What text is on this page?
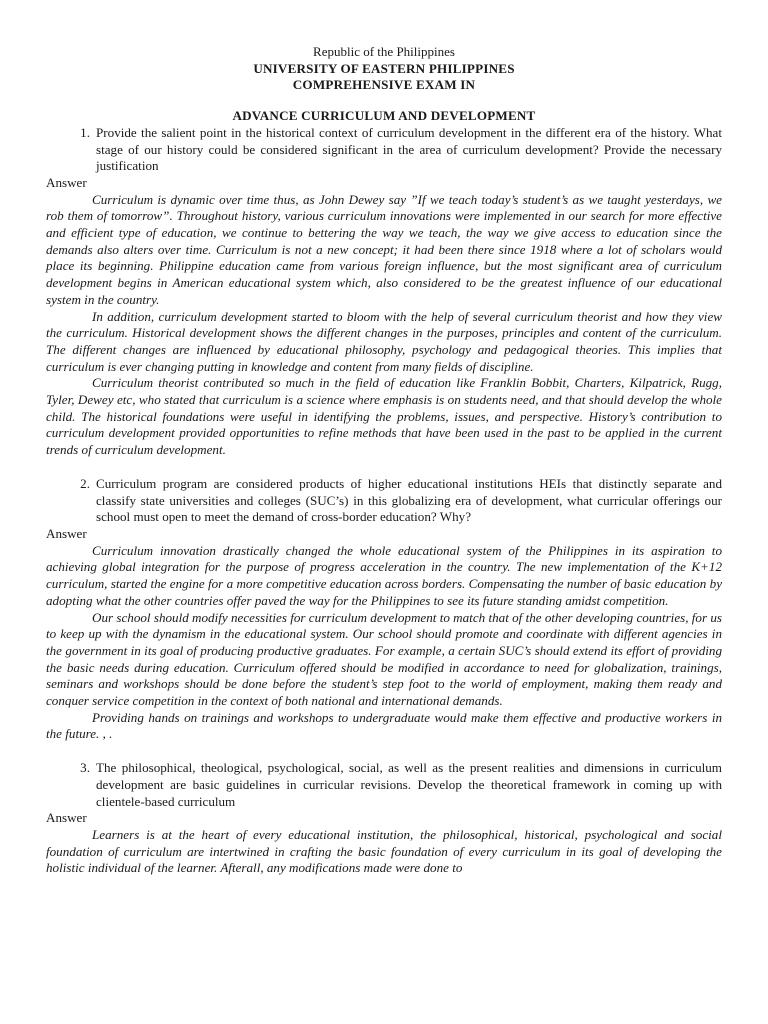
Republic of the Philippines
UNIVERSITY OF EASTERN PHILIPPINES
COMPREHENSIVE EXAM IN
ADVANCE CURRICULUM AND DEVELOPMENT
1. Provide the salient point in the historical context of curriculum development in the different era of the history. What stage of our history could be considered significant in the area of curriculum development? Provide the necessary justification
Answer

Curriculum is dynamic over time thus, as John Dewey say ”If we teach today’s student’s as we taught yesterdays, we rob them of tomorrow”. Throughout history, various curriculum innovations were implemented in our search for more effective and efficient type of education, we continue to bettering the way we teach, the way we give access to education since the demands also alters over time. Curriculum is not a new concept; it had been there since 1918 where a lot of scholars would place its beginning. Philippine education came from various foreign influence, but the most significant area of curriculum development begins in American educational system which, also considered to be the greatest influence of our educational system in the country.

In addition, curriculum development started to bloom with the help of several curriculum theorist and how they view the curriculum. Historical development shows the different changes in the purposes, principles and content of the curriculum. The different changes are influenced by educational philosophy, psychology and pedagogical theories. This implies that curriculum is ever changing putting in knowledge and content from many fields of discipline.

Curriculum theorist contributed so much in the field of education like Franklin Bobbit, Charters, Kilpatrick, Rugg, Tyler, Dewey etc, who stated that curriculum is a science where emphasis is on students need, and that should develop the whole child. The historical foundations were useful in identifying the problems, issues, and perspective. History’s contribution to curriculum development provided opportunities to refine methods that have been used in the past to be applied in the current trends of curriculum development.

2. Curriculum program are considered products of higher educational institutions HEIs that distinctly separate and classify state universities and colleges (SUC’s) in this globalizing era of development, what curricular offerings our school must open to meet the demand of cross-border education? Why?
Answer

Curriculum innovation drastically changed the whole educational system of the Philippines in its aspiration to achieving global integration for the purpose of progress acceleration in the country. The new implementation of the K+12 curriculum, started the engine for a more competitive education across borders. Compensating the number of basic education by adopting what the other countries offer paved the way for the Philippines to see its future standing amidst competition.

Our school should modify necessities for curriculum development to match that of the other developing countries, for us to keep up with the dynamism in the educational system. Our school should promote and coordinate with different agencies in the government in its goal of producing productive graduates. For example, a certain SUC’s should extend its effort of providing the basic needs during education. Curriculum offered should be modified in accordance to need for globalization, trainings, seminars and workshops should be done before the student’s step foot to the world of employment, making them ready and conquer service competition in the context of both national and international demands.

Providing hands on trainings and workshops to undergraduate would make them effective and productive workers in the future. , .

3. The philosophical, theological, psychological, social, as well as the present realities and dimensions in curriculum development are basic guidelines in curricular revisions. Develop the theoretical framework in coming up with clientele-based curriculum
Answer

Learners is at the heart of every educational institution, the philosophical, historical, psychological and social foundation of curriculum are intertwined in crafting the basic foundation of every curriculum in its goal of developing the holistic individual of the learner. Afterall, any modifications made were done to
